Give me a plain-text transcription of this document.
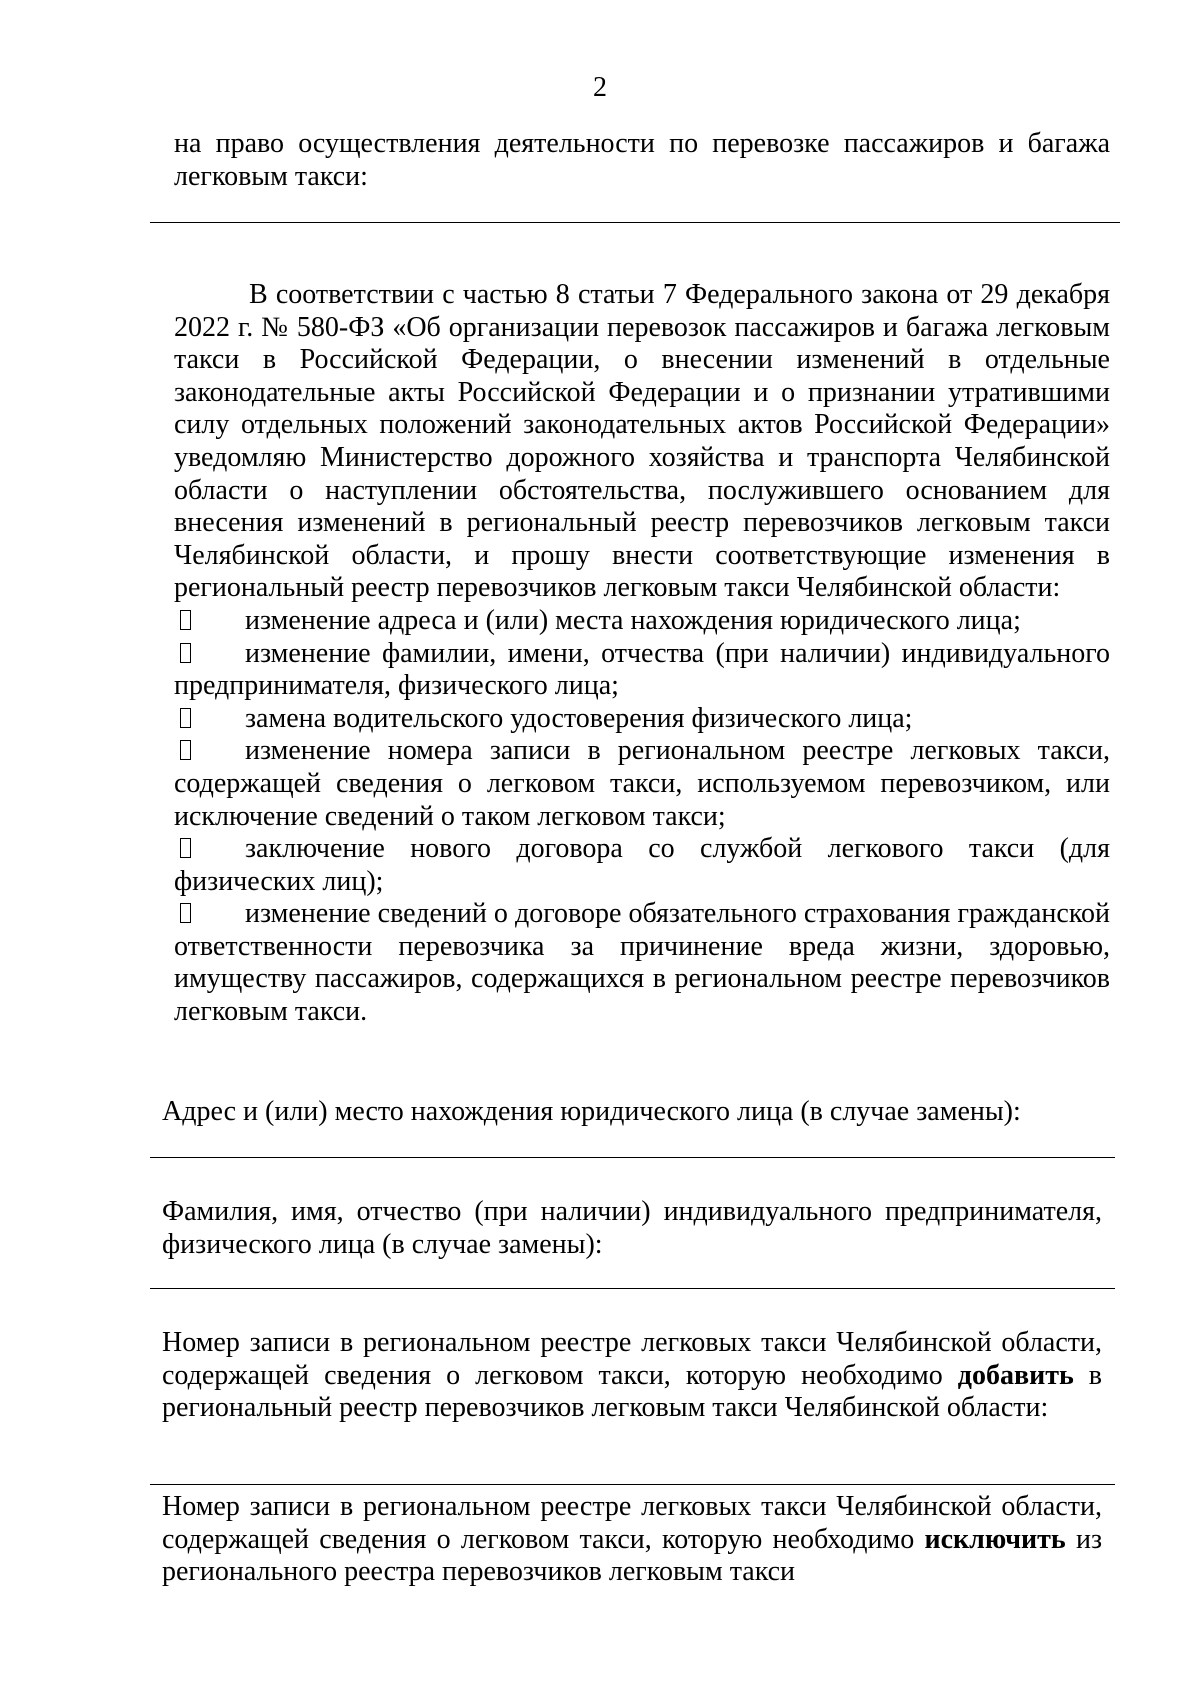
2

на право осуществления деятельности по перевозке пассажиров и багажа легковым такси:

В соответствии с частью 8 статьи 7 Федерального закона от 29 декабря 2022 г. № 580-ФЗ «Об организации перевозок пассажиров и багажа легковым такси в Российской Федерации, о внесении изменений в отдельные законодательные акты Российской Федерации и о признании утратившими силу отдельных положений законодательных актов Российской Федерации» уведомляю Министерство дорожного хозяйства и транспорта Челябинской области о наступлении обстоятельства, послужившего основанием для внесения изменений в региональный реестр перевозчиков легковым такси Челябинской области, и прошу внести соответствующие изменения в региональный реестр перевозчиков легковым такси Челябинской области:

изменение адреса и (или) места нахождения юридического лица;

изменение фамилии, имени, отчества (при наличии) индивидуального предпринимателя, физического лица;

замена водительского удостоверения физического лица;

изменение номера записи в региональном реестре легковых такси, содержащей сведения о легковом такси, используемом перевозчиком, или исключение сведений о таком легковом такси;

заключение нового договора со службой легкового такси (для физических лиц);

изменение сведений о договоре обязательного страхования гражданской ответственности перевозчика за причинение вреда жизни, здоровью, имуществу пассажиров, содержащихся в региональном реестре перевозчиков легковым такси.

Адрес и (или) место нахождения юридического лица (в случае замены):

Фамилия, имя, отчество (при наличии) индивидуального предпринимателя, физического лица (в случае замены):

Номер записи в региональном реестре легковых такси Челябинской области, содержащей сведения о легковом такси, которую необходимо добавить в региональный реестр перевозчиков легковым такси Челябинской области:

Номер записи в региональном реестре легковых такси Челябинской области, содержащей сведения о легковом такси, которую необходимо исключить из регионального реестра перевозчиков легковым такси
